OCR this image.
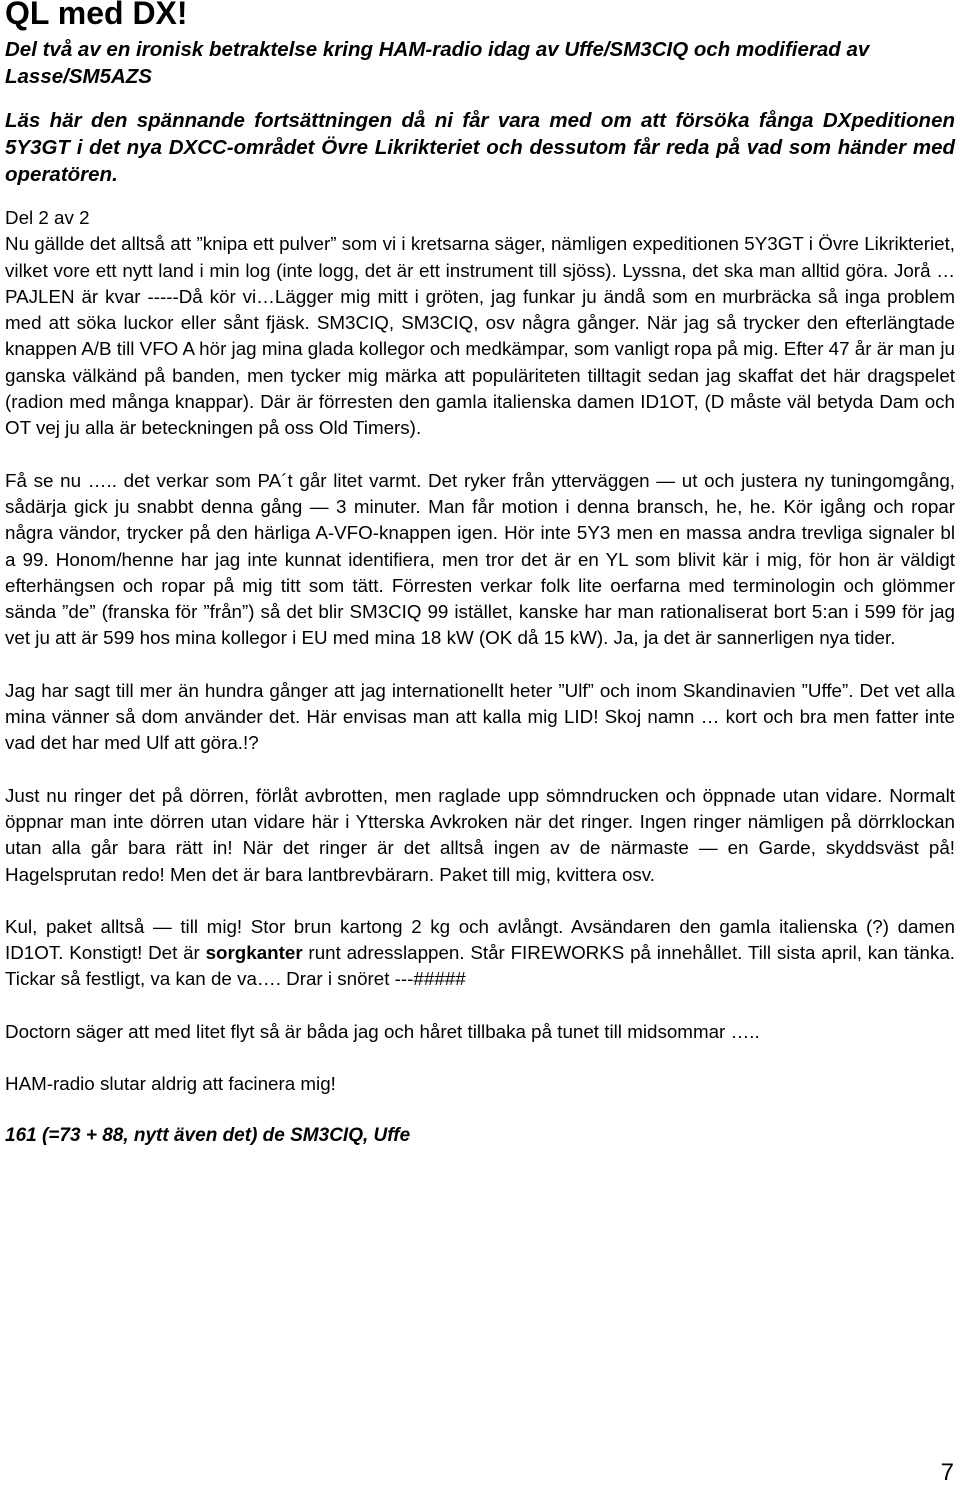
QL med DX!

Del två av en ironisk betraktelse kring HAM-radio idag av Uffe/SM3CIQ och modifierad av Lasse/SM5AZS

Läs här den spännande fortsättningen då ni får vara med om att försöka fånga DXpeditionen 5Y3GT i det nya DXCC-området Övre Likrikteriet och dessutom får reda på vad som händer med operatören.

Del 2 av 2

Nu gällde det alltså att ”knipa ett pulver” som vi i kretsarna säger, nämligen expeditionen 5Y3GT i Övre Likrikteriet, vilket vore ett nytt land i min log (inte logg, det är ett instrument till sjöss). Lyssna, det ska man alltid göra. Jorå … PAJLEN är kvar -----Då kör vi…Lägger mig mitt i gröten, jag funkar ju ändå som en murbräcka så inga problem med att söka luckor eller sånt fjäsk. SM3CIQ, SM3CIQ, osv några gånger. När jag så trycker den efterlängtade knappen A/B till VFO A hör jag mina glada kollegor och medkämpar, som vanligt ropa på mig. Efter 47 år är man ju ganska välkänd på banden, men tycker mig märka att populäriteten tilltagit sedan jag skaffat det här dragspelet (radion med många knappar). Där är förresten den gamla italienska damen ID1OT, (D måste väl betyda Dam och OT vej ju alla är beteckningen på oss Old Timers).

Få se nu ….. det verkar som PA´t går litet varmt. Det ryker från ytterväggen — ut och justera ny tuningomgång, sådärja gick ju snabbt denna gång — 3 minuter. Man får motion i denna bransch, he, he. Kör igång och ropar några vändor, trycker på den härliga A-VFO-knappen igen. Hör inte 5Y3 men en massa andra trevliga signaler bl a 99. Honom/henne har jag inte kunnat identifiera, men tror det är en YL som blivit kär i mig, för hon är väldigt efterhängsen och ropar på mig titt som tätt. Förresten verkar folk lite oerfarna med terminologin och glömmer sända ”de” (franska för ”från”) så det blir SM3CIQ 99 istället, kanske har man rationaliserat bort 5:an i 599 för jag vet ju att är 599 hos mina kollegor i EU med mina 18 kW (OK då 15 kW). Ja, ja det är sannerligen nya tider.

Jag har sagt till mer än hundra gånger att jag internationellt heter ”Ulf” och inom Skandinavien ”Uffe”. Det vet alla mina vänner så dom använder det. Här envisas man att kalla mig LID! Skoj namn … kort och bra men fatter inte vad det har med Ulf att göra.!?

Just nu ringer det på dörren, förlåt avbrotten, men raglade upp sömndrucken och öppnade utan vidare. Normalt öppnar man inte dörren utan vidare här i Ytterska Avkroken när det ringer. Ingen ringer nämligen på dörrklockan utan alla går bara rätt in! När det ringer är det alltså ingen av de närmaste — en Garde, skyddsväst på! Hagelsprutan redo! Men det är bara lantbrevbärarn. Paket till mig, kvittera osv.

Kul, paket alltså — till mig! Stor brun kartong 2 kg och avlångt. Avsändaren den gamla italienska (?) damen ID1OT. Konstigt! Det är sorgkanter runt adresslappen. Står FIREWORKS på innehållet. Till sista april, kan tänka. Tickar så festligt, va kan de va…. Drar i snöret ---#####

Doctorn säger att med litet flyt så är båda jag och håret tillbaka på tunet till midsommar …..

HAM-radio slutar aldrig att facinera mig!

161 (=73 + 88, nytt även det) de SM3CIQ, Uffe

7
